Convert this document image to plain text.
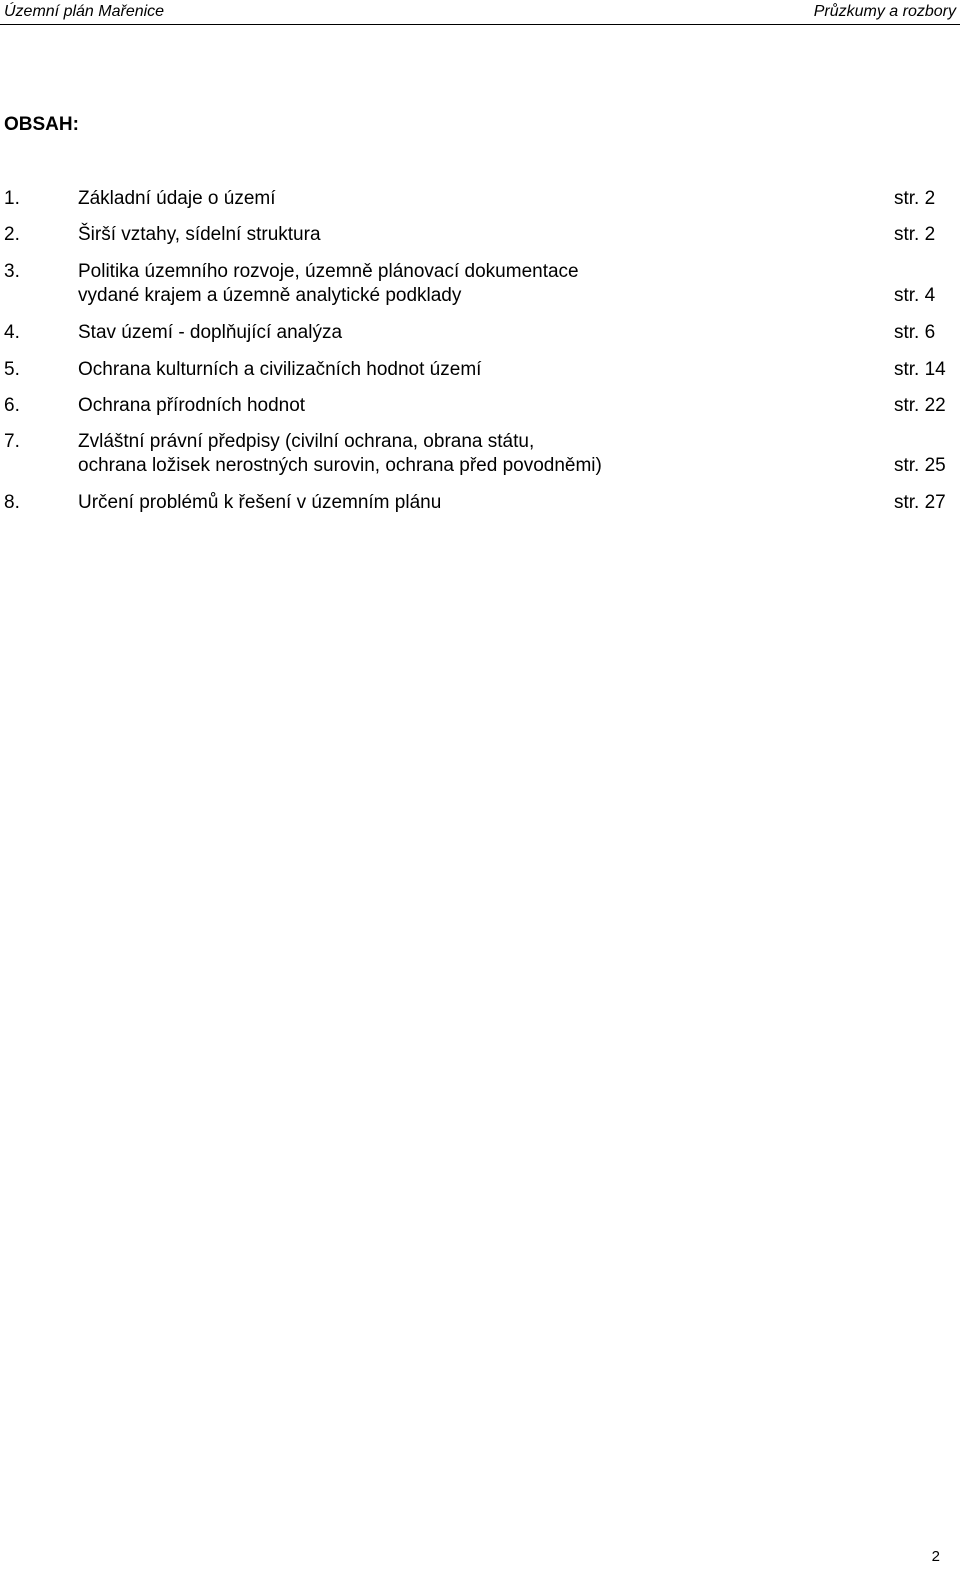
Územní plán Mařenice	Průzkumy a rozbory
OBSAH:
1.	Základní údaje o území	str. 2
2.	Širší vztahy, sídelní struktura	str. 2
3.	Politika územního rozvoje, územně plánovací dokumentace
vydané krajem a územně analytické podklady	str. 4
4.	Stav území - doplňující analýza	str. 6
5.	Ochrana kulturních a civilizačních hodnot území	str. 14
6.	Ochrana přírodních hodnot	str. 22
7.	Zvláštní právní předpisy (civilní ochrana, obrana státu,
ochrana ložisek nerostných surovin, ochrana před povodněmi)	str. 25
8.	Určení problémů k řešení v územním plánu	str. 27
2
